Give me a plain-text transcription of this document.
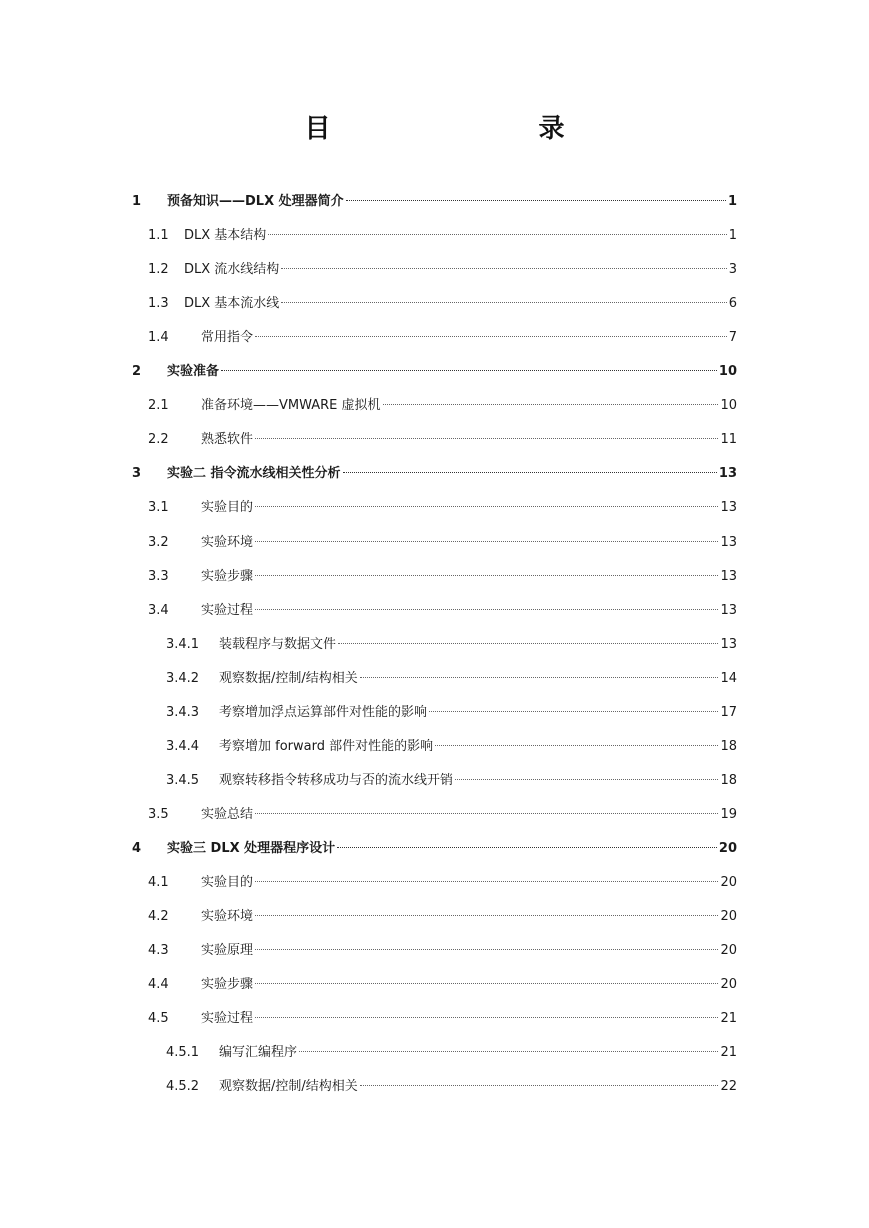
目　　录
1	预备知识——DLX 处理器简介	1
1.1	DLX 基本结构	1
1.2	DLX 流水线结构	3
1.3	DLX 基本流水线	6
1.4	常用指令	7
2	实验准备	10
2.1	准备环境——VMWARE 虚拟机	10
2.2	熟悉软件	11
3	实验二 指令流水线相关性分析	13
3.1	实验目的	13
3.2	实验环境	13
3.3	实验步骤	13
3.4	实验过程	13
3.4.1	装载程序与数据文件	13
3.4.2	观察数据/控制/结构相关	14
3.4.3	考察增加浮点运算部件对性能的影响	17
3.4.4	考察增加 forward 部件对性能的影响	18
3.4.5	观察转移指令转移成功与否的流水线开销	18
3.5	实验总结	19
4	实验三 DLX 处理器程序设计	20
4.1	实验目的	20
4.2	实验环境	20
4.3	实验原理	20
4.4	实验步骤	20
4.5	实验过程	21
4.5.1	编写汇编程序	21
4.5.2	观察数据/控制/结构相关	22
